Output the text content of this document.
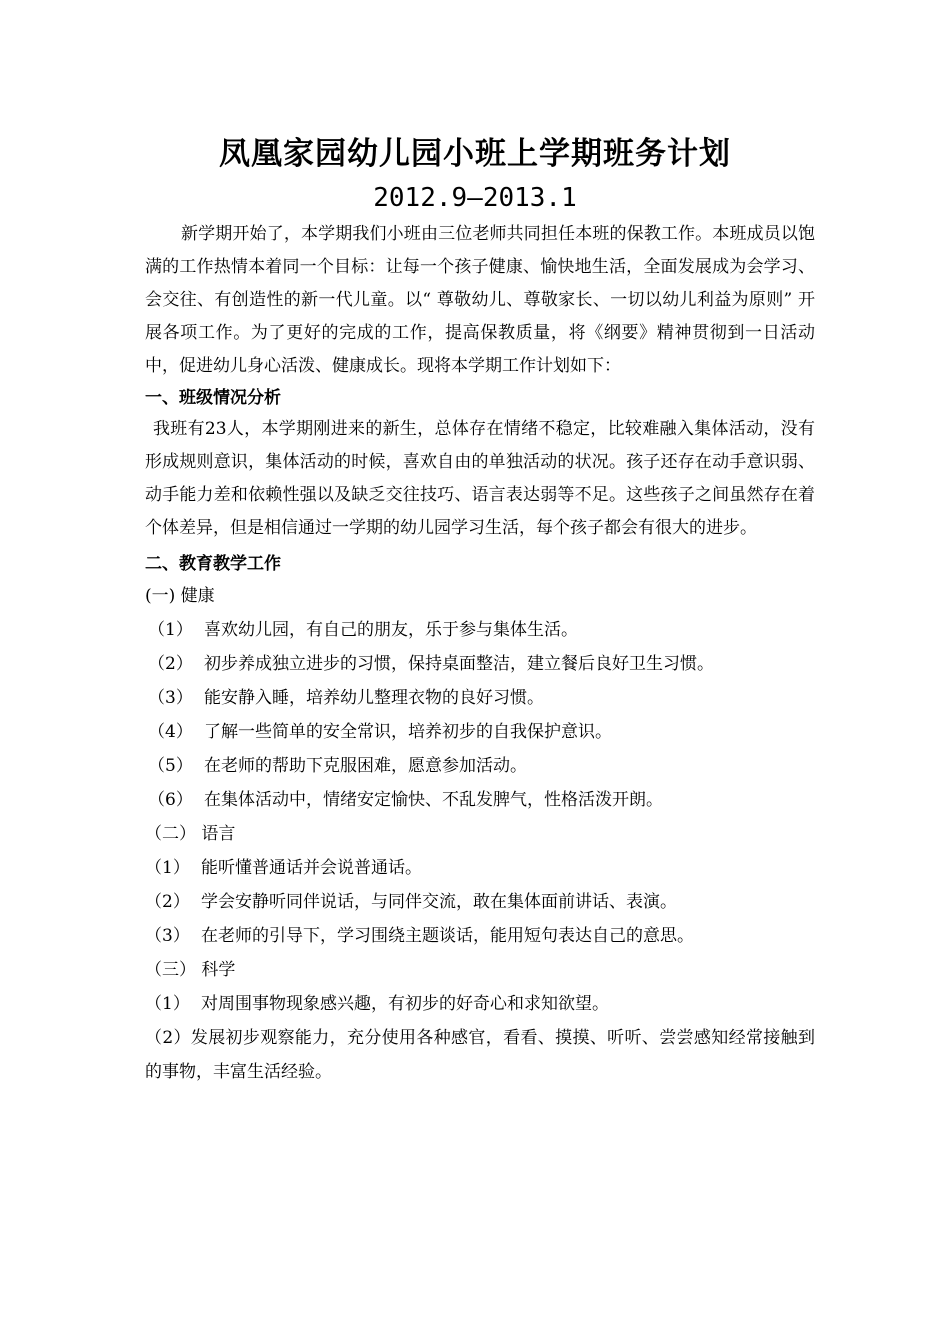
凤凰家园幼儿园小班上学期班务计划
2012.9—2013.1

新学期开始了，本学期我们小班由三位老师共同担任本班的保教工作。本班成员以饱满的工作热情本着同一个目标：让每一个孩子健康、愉快地生活，全面发展成为会学习、会交往、有创造性的新一代儿童。以“ 尊敬幼儿、尊敬家长、一切以幼儿利益为原则” 开展各项工作。为了更好的完成的工作，提高保教质量，将《纲要》精神贯彻到一日活动中，促进幼儿身心活泼、健康成长。现将本学期工作计划如下：

一、班级情况分析

我班有23人，本学期刚进来的新生，总体存在情绪不稳定，比较难融入集体活动，没有形成规则意识，集体活动的时候，喜欢自由的单独活动的状况。孩子还存在动手意识弱、动手能力差和依赖性强以及缺乏交往技巧、语言表达弱等不足。这些孩子之间虽然存在着个体差异，但是相信通过一学期的幼儿园学习生活，每个孩子都会有很大的进步。

二、教育教学工作

(一) 健康

（1） 喜欢幼儿园，有自己的朋友，乐于参与集体生活。

（2） 初步养成独立进步的习惯，保持桌面整洁，建立餐后良好卫生习惯。

（3） 能安静入睡，培养幼儿整理衣物的良好习惯。

（4） 了解一些简单的安全常识，培养初步的自我保护意识。

（5） 在老师的帮助下克服困难，愿意参加活动。

（6） 在集体活动中，情绪安定愉快、不乱发脾气，性格活泼开朗。

（二） 语言

（1） 能听懂普通话并会说普通话。

（2） 学会安静听同伴说话，与同伴交流，敢在集体面前讲话、表演。

（3） 在老师的引导下，学习围绕主题谈话，能用短句表达自己的意思。

（三） 科学

（1） 对周围事物现象感兴趣，有初步的好奇心和求知欲望。

（2）发展初步观察能力，充分使用各种感官，看看、摸摸、听听、尝尝感知经常接触到的事物，丰富生活经验。
